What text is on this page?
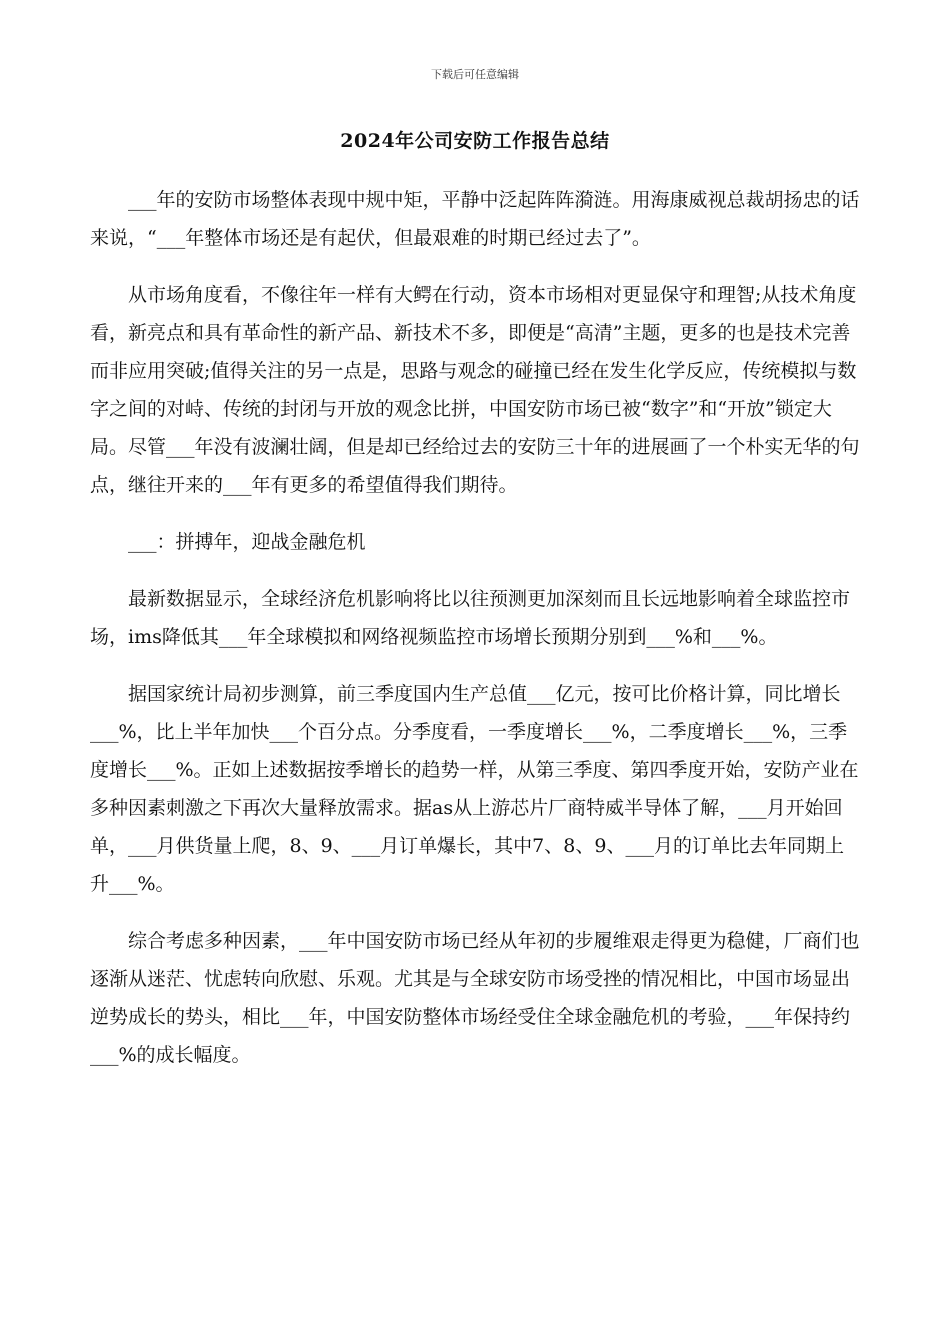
下载后可任意编辑
2024年公司安防工作报告总结

___年的安防市场整体表现中规中矩，平静中泛起阵阵漪涟。用海康威视总裁胡扬忠的话来说，“___年整体市场还是有起伏，但最艰难的时期已经过去了”。

从市场角度看，不像往年一样有大鳄在行动，资本市场相对更显保守和理智;从技术角度看，新亮点和具有革命性的新产品、新技术不多，即便是“高清”主题，更多的也是技术完善而非应用突破;值得关注的另一点是，思路与观念的碰撞已经在发生化学反应，传统模拟与数字之间的对峙、传统的封闭与开放的观念比拼，中国安防市场已被“数字”和“开放”锁定大局。尽管___年没有波澜壮阔，但是却已经给过去的安防三十年的进展画了一个朴实无华的句点，继往开来的___年有更多的希望值得我们期待。

___：拼搏年，迎战金融危机

最新数据显示，全球经济危机影响将比以往预测更加深刻而且长远地影响着全球监控市场，ims降低其___年全球模拟和网络视频监控市场增长预期分别到___%和___%。

据国家统计局初步测算，前三季度国内生产总值___亿元，按可比价格计算，同比增长___%，比上半年加快___个百分点。分季度看，一季度增长___%，二季度增长___%，三季度增长___%。正如上述数据按季增长的趋势一样，从第三季度、第四季度开始，安防产业在多种因素刺激之下再次大量释放需求。据as从上游芯片厂商特威半导体了解，___月开始回单，___月供货量上爬，8、9、___月订单爆长，其中7、8、9、___月的订单比去年同期上升___%。

综合考虑多种因素，___年中国安防市场已经从年初的步履维艰走得更为稳健，厂商们也逐渐从迷茫、忧虑转向欣慰、乐观。尤其是与全球安防市场受挫的情况相比，中国市场显出逆势成长的势头，相比___年，中国安防整体市场经受住全球金融危机的考验，___年保持约___%的成长幅度。
